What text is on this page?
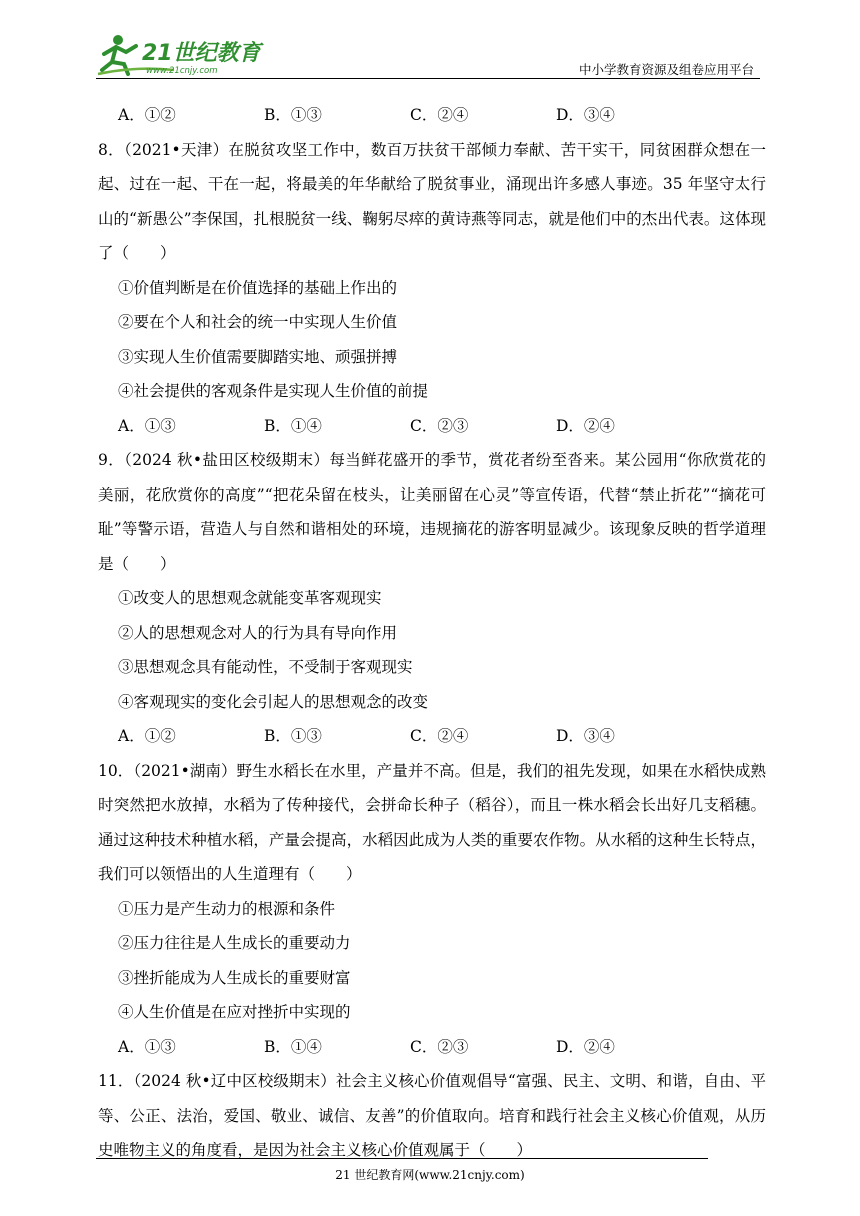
21世纪教育
www.21cnjy.com	中小学教育资源及组卷应用平台
A．①②	B．①③	C．②④	D．③④
8．（2021•天津）在脱贫攻坚工作中，数百万扶贫干部倾力奉献、苦干实干，同贫困群众想在一起、过在一起、干在一起，将最美的年华献给了脱贫事业，涌现出许多感人事迹。35 年坚守太行山的“新愚公”李保国，扎根脱贫一线、鞠躬尽瘁的黄诗燕等同志，就是他们中的杰出代表。这体现了（　　）
①价值判断是在价值选择的基础上作出的
②要在个人和社会的统一中实现人生价值
③实现人生价值需要脚踏实地、顽强拼搏
④社会提供的客观条件是实现人生价值的前提
A．①③	B．①④	C．②③	D．②④
9．（2024 秋•盐田区校级期末）每当鲜花盛开的季节，赏花者纷至沓来。某公园用“你欣赏花的美丽，花欣赏你的高度”“把花朵留在枝头，让美丽留在心灵”等宣传语，代替“禁止折花”“摘花可耻”等警示语，营造人与自然和谐相处的环境，违规摘花的游客明显减少。该现象反映的哲学道理是（　　）
①改变人的思想观念就能变革客观现实
②人的思想观念对人的行为具有导向作用
③思想观念具有能动性，不受制于客观现实
④客观现实的变化会引起人的思想观念的改变
A．①②	B．①③	C．②④	D．③④
10．（2021•湖南）野生水稻长在水里，产量并不高。但是，我们的祖先发现，如果在水稻快成熟时突然把水放掉，水稻为了传种接代，会拼命长种子（稻谷），而且一株水稻会长出好几支稻穗。通过这种技术种植水稻，产量会提高，水稻因此成为人类的重要农作物。从水稻的这种生长特点，我们可以领悟出的人生道理有（　　）
①压力是产生动力的根源和条件
②压力往往是人生成长的重要动力
③挫折能成为人生成长的重要财富
④人生价值是在应对挫折中实现的
A．①③	B．①④	C．②③	D．②④
11．（2024 秋•辽中区校级期末）社会主义核心价值观倡导“富强、民主、文明、和谐，自由、平等、公正、法治，爱国、敬业、诚信、友善”的价值取向。培育和践行社会主义核心价值观，从历史唯物主义的角度看，是因为社会主义核心价值观属于（　　）
21 世纪教育网(www.21cnjy.com)
